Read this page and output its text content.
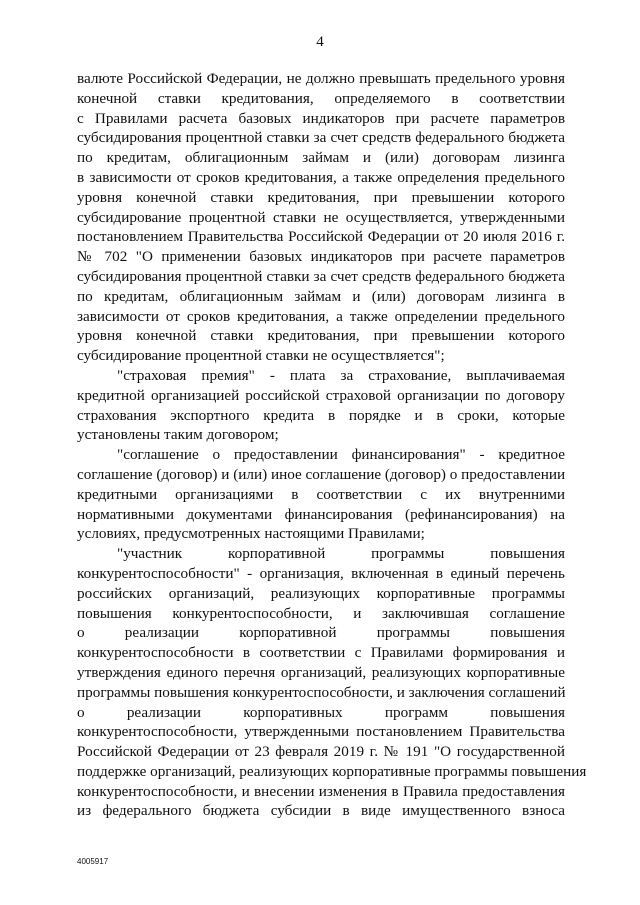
4
валюте Российской Федерации, не должно превышать предельного уровня
конечной ставки кредитования, определяемого в соответствии
с Правилами расчета базовых индикаторов при расчете параметров
субсидирования процентной ставки за счет средств федерального бюджета
по кредитам, облигационным займам и (или) договорам лизинга
в зависимости от сроков кредитования, а также определения предельного
уровня конечной ставки кредитования, при превышении которого
субсидирование процентной ставки не осуществляется, утвержденными
постановлением Правительства Российской Федерации от 20 июля 2016 г.
№ 702 "О применении базовых индикаторов при расчете параметров
субсидирования процентной ставки за счет средств федерального бюджета
по кредитам, облигационным займам и (или) договорам лизинга в
зависимости от сроков кредитования, а также определении предельного
уровня конечной ставки кредитования, при превышении которого
субсидирование процентной ставки не осуществляется";
"страховая премия" - плата за страхование, выплачиваемая
кредитной организацией российской страховой организации по договору
страхования экспортного кредита в порядке и в сроки, которые
установлены таким договором;
"соглашение о предоставлении финансирования" - кредитное
соглашение (договор) и (или) иное соглашение (договор) о предоставлении
кредитными организациями в соответствии с их внутренними
нормативными документами финансирования (рефинансирования) на
условиях, предусмотренных настоящими Правилами;
"участник корпоративной программы повышения
конкурентоспособности" - организация, включенная в единый перечень
российских организаций, реализующих корпоративные программы
повышения конкурентоспособности, и заключившая соглашение
о реализации корпоративной программы повышения
конкурентоспособности в соответствии с Правилами формирования и
утверждения единого перечня организаций, реализующих корпоративные
программы повышения конкурентоспособности, и заключения соглашений
о реализации корпоративных программ повышения
конкурентоспособности, утвержденными постановлением Правительства
Российской Федерации от 23 февраля 2019 г. № 191 "О государственной
поддержке организаций, реализующих корпоративные программы повышения
конкурентоспособности, и внесении изменения в Правила предоставления
из федерального бюджета субсидии в виде имущественного взноса
4005917
